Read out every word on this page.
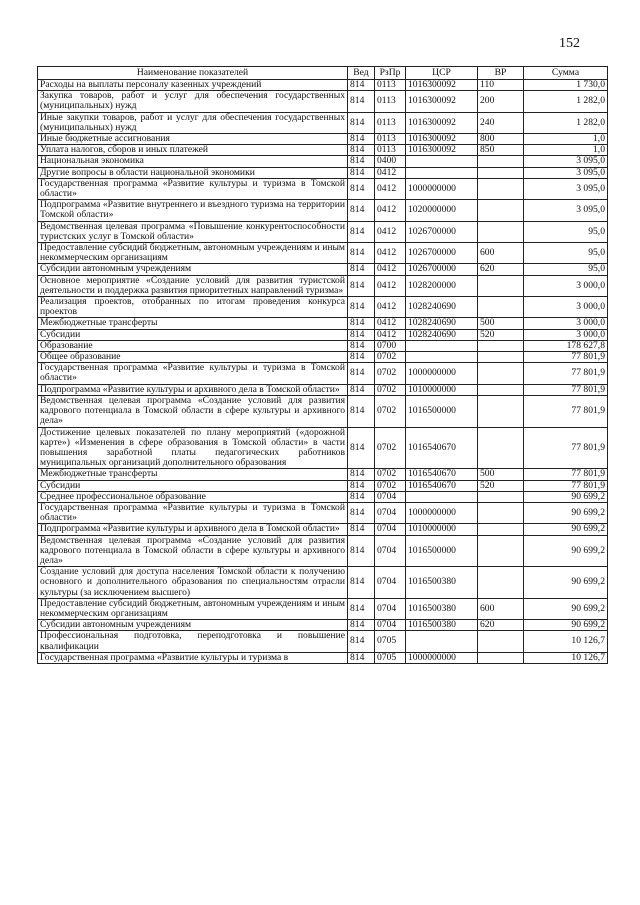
152
Наименование показателей	Вед	РзПр	ЦСР	ВР	Сумма
Расходы на выплаты персоналу казенных учреждений	814	0113	1016300092	110	1 730,0
Закупка товаров, работ и услуг для обеспечения государственных (муниципальных) нужд	814	0113	1016300092	200	1 282,0
Иные закупки товаров, работ и услуг для обеспечения государственных (муниципальных) нужд	814	0113	1016300092	240	1 282,0
Иные бюджетные ассигнования	814	0113	1016300092	800	1,0
Уплата налогов, сборов и иных платежей	814	0113	1016300092	850	1,0
Национальная экономика	814	0400			3 095,0
Другие вопросы в области национальной экономики	814	0412			3 095,0
Государственная программа «Развитие культуры и туризма в Томской области»	814	0412	1000000000		3 095,0
Подпрограмма «Развитие внутреннего и въездного туризма на территории Томской области»	814	0412	1020000000		3 095,0
Ведомственная целевая программа «Повышение конкурентоспособности туристских услуг в Томской области»	814	0412	1026700000		95,0
Предоставление субсидий бюджетным, автономным учреждениям и иным некоммерческим организациям	814	0412	1026700000	600	95,0
Субсидии автономным учреждениям	814	0412	1026700000	620	95,0
Основное мероприятие «Создание условий для развития туристской деятельности и поддержка развития приоритетных направлений туризма»	814	0412	1028200000		3 000,0
Реализация проектов, отобранных по итогам проведения конкурса проектов	814	0412	1028240690		3 000,0
Межбюджетные трансферты	814	0412	1028240690	500	3 000,0
Субсидии	814	0412	1028240690	520	3 000,0
Образование	814	0700			178 627,8
Общее образование	814	0702			77 801,9
Государственная программа «Развитие культуры и туризма в Томской области»	814	0702	1000000000		77 801,9
Подпрограмма «Развитие культуры и архивного дела в Томской области»	814	0702	1010000000		77 801,9
Ведомственная целевая программа «Создание условий для развития кадрового потенциала в Томской области в сфере культуры и архивного дела»	814	0702	1016500000		77 801,9
Достижение целевых показателей по плану мероприятий («дорожной карте») «Изменения в сфере образования в Томской области» в части повышения заработной платы педагогических работников муниципальных организаций дополнительного образования	814	0702	1016540670		77 801,9
Межбюджетные трансферты	814	0702	1016540670	500	77 801,9
Субсидии	814	0702	1016540670	520	77 801,9
Среднее профессиональное образование	814	0704			90 699,2
Государственная программа «Развитие культуры и туризма в Томской области»	814	0704	1000000000		90 699,2
Подпрограмма «Развитие культуры и архивного дела в Томской области»	814	0704	1010000000		90 699,2
Ведомственная целевая программа «Создание условий для развития кадрового потенциала в Томской области в сфере культуры и архивного дела»	814	0704	1016500000		90 699,2
Создание условий для доступа населения Томской области к получению основного и дополнительного образования по специальностям отрасли культуры (за исключением высшего)	814	0704	1016500380		90 699,2
Предоставление субсидий бюджетным, автономным учреждениям и иным некоммерческим организациям	814	0704	1016500380	600	90 699,2
Субсидии автономным учреждениям	814	0704	1016500380	620	90 699,2
Профессиональная подготовка, переподготовка и повышение квалификации	814	0705			10 126,7
Государственная программа «Развитие культуры и туризма в	814	0705	1000000000		10 126,7
